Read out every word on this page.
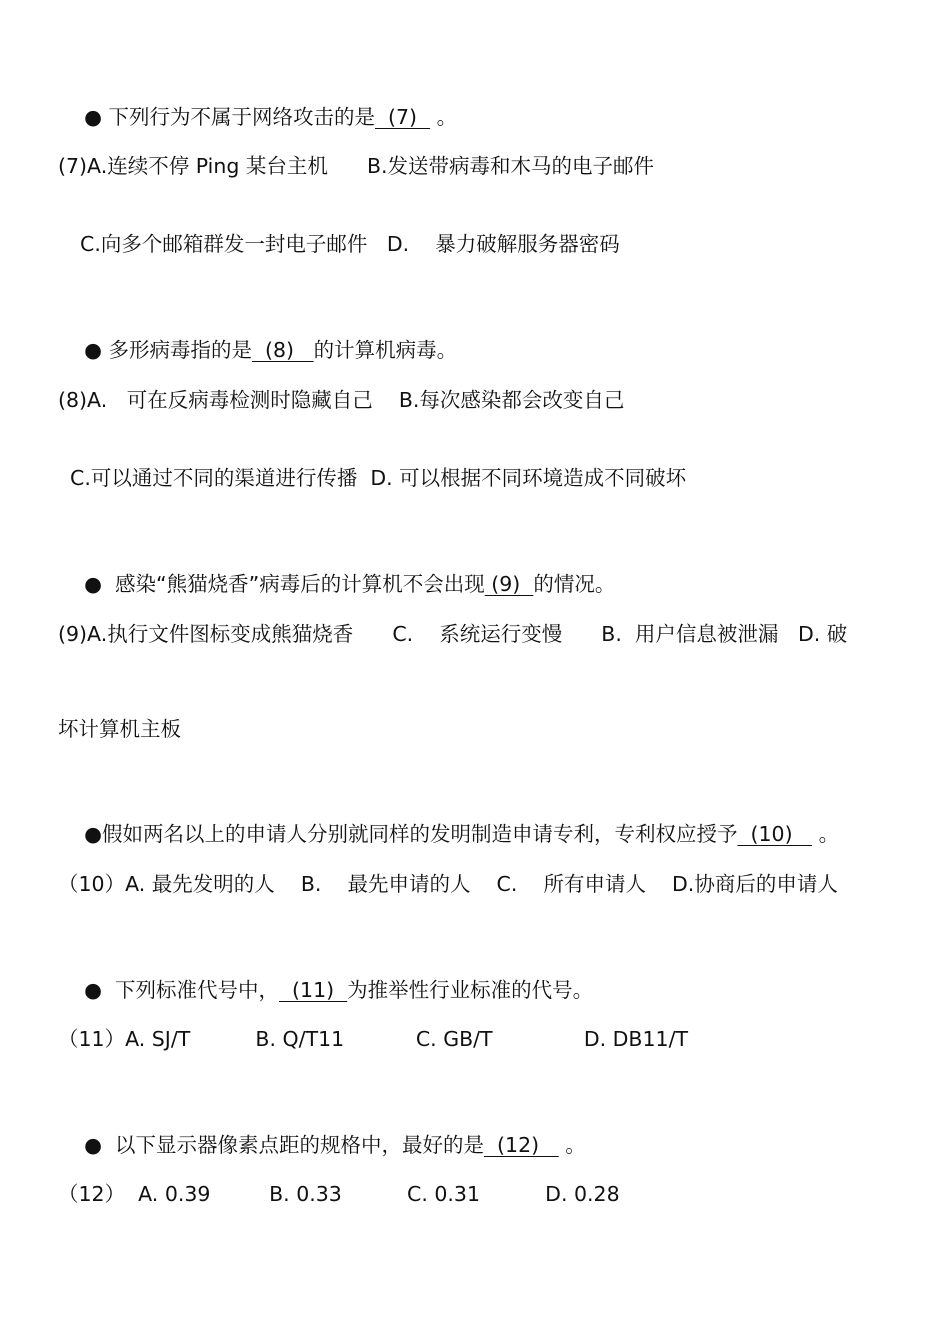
● 下列行为不属于网络攻击的是  (7)   。

(7)A.连续不停 Ping 某台主机      B.发送带病毒和木马的电子邮件
C.向多个邮箱群发一封电子邮件   D.    暴力破解服务器密码

● 多形病毒指的是  (8)   的计算机病毒。

(8)A.   可在反病毒检测时隐藏自己    B.每次感染都会改变自己
C.可以通过不同的渠道进行传播  D. 可以根据不同环境造成不同破坏

●  感染“熊猫烧香”病毒后的计算机不会出现 (9)  的情况。

(9)A.执行文件图标变成熊猫烧香      C.    系统运行变慢      B.  用户信息被泄漏   D. 破
坏计算机主板

●假如两名以上的申请人分别就同样的发明制造申请专利，专利权应授予  (10)    。

（10）A. 最先发明的人    B.    最先申请的人    C.    所有申请人    D.协商后的申请人

●  下列标准代号中，  (11)  为推举性行业标准的代号。

（11）A. SJ/T          B. Q/T11           C. GB/T              D. DB11/T

●  以下显示器像素点距的规格中，最好的是  (12)    。

（12）  A. 0.39         B. 0.33          C. 0.31          D. 0.28
